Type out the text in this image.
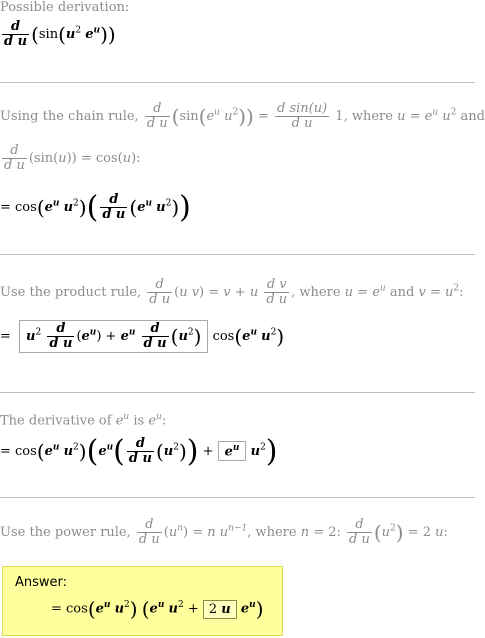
Possible derivation:
$\frac{d}{\text{d u}} (\sin(u^2$ $e^u$))
Using the chain rule, $\frac{d}{\text{d u}} (\sin(e^u$ $u^2)) = \frac{\text{d sin(u)}}{\text{d u}} 1$, where $u = e^u$ $u^2$ and
$\frac{d}{\text{d u}} (\sin(u)) = \cos(u)$:
= $\cos(e^u$ $u^2)( \frac{d}{\text{d u}} (e^u$ $u^2$))
Use the product rule, $\frac{d}{\text{d u}} (u$ v) = v + u $\frac{\text{d v}}{\text{d u}}$ , where $u = e^u$ and $v = u^2$:
= $u^2 \frac{d}{\text{d u}} (e^u) + e^u \frac{d}{\text{d u}} (u^2)$ $\cos(e^u$ $u^2$)
The derivative of $e^u$ is $e^u$:
= $\cos(e^u$ $u^2)(e^u( \frac{d}{\text{d u}} (u^2)) + e^u$ $u^2$)
Use the power rule, $\frac{d}{\text{d u}} (u^n) = n$ $u^{n-1}$, where n = 2: $\frac{d}{\text{d u}} (u^2) = 2$ u:
Answer:
= $\cos(e^u$ $u^2$) ($e^u$ $u^2 + 2$ u $e^u$)
